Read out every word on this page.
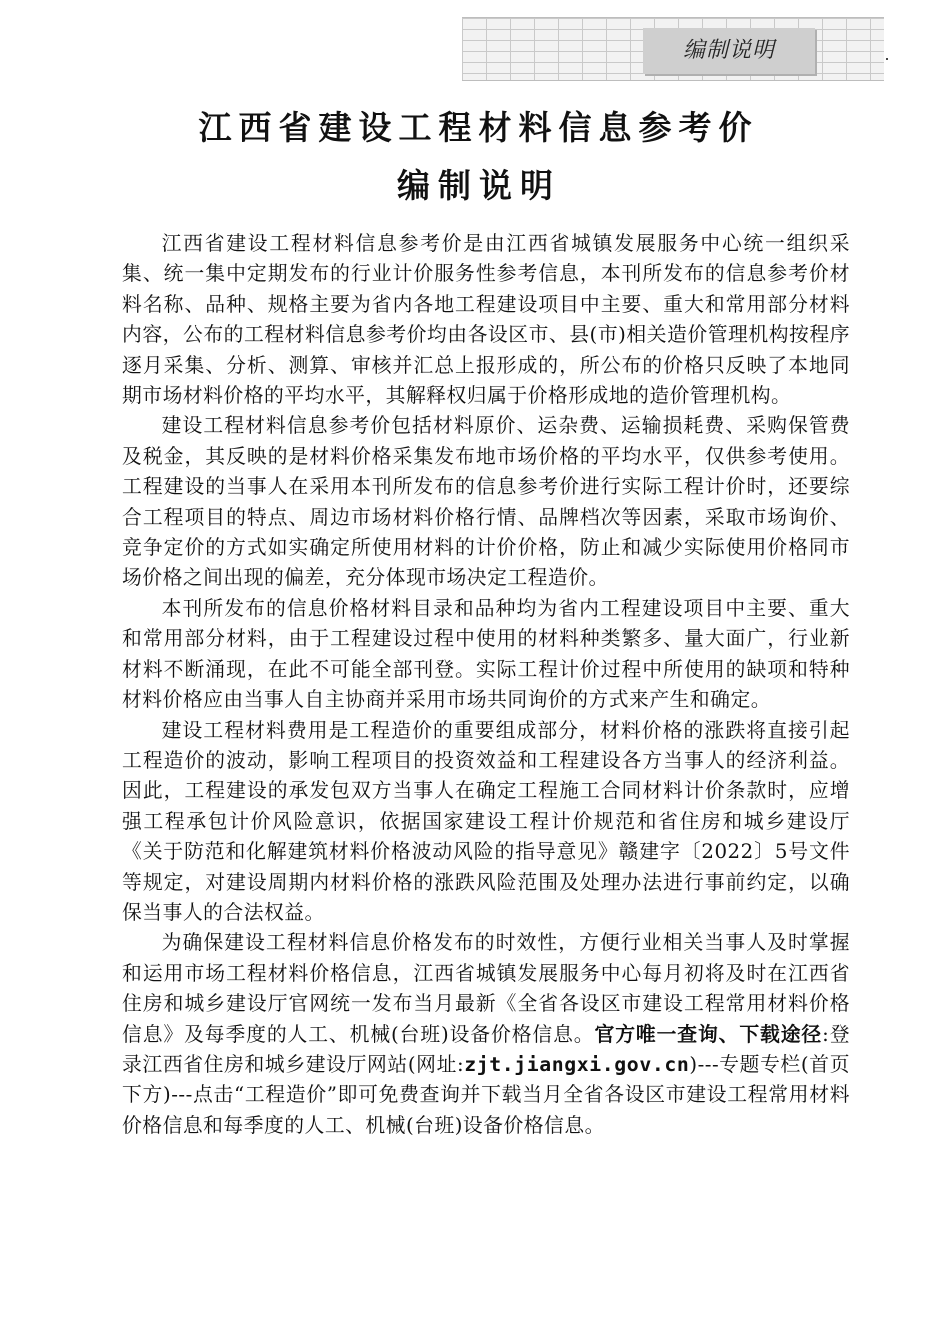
编制说明
江西省建设工程材料信息参考价
编制说明

江西省建设工程材料信息参考价是由江西省城镇发展服务中心统一组织采集、统一集中定期发布的行业计价服务性参考信息，本刊所发布的信息参考价材料名称、品种、规格主要为省内各地工程建设项目中主要、重大和常用部分材料内容，公布的工程材料信息参考价均由各设区市、县(市)相关造价管理机构按程序逐月采集、分析、测算、审核并汇总上报形成的，所公布的价格只反映了本地同期市场材料价格的平均水平，其解释权归属于价格形成地的造价管理机构。

建设工程材料信息参考价包括材料原价、运杂费、运输损耗费、采购保管费及税金，其反映的是材料价格采集发布地市场价格的平均水平，仅供参考使用。工程建设的当事人在采用本刊所发布的信息参考价进行实际工程计价时，还要综合工程项目的特点、周边市场材料价格行情、品牌档次等因素，采取市场询价、竞争定价的方式如实确定所使用材料的计价价格，防止和减少实际使用价格同市场价格之间出现的偏差，充分体现市场决定工程造价。

本刊所发布的信息价格材料目录和品种均为省内工程建设项目中主要、重大和常用部分材料，由于工程建设过程中使用的材料种类繁多、量大面广，行业新材料不断涌现，在此不可能全部刊登。实际工程计价过程中所使用的缺项和特种材料价格应由当事人自主协商并采用市场共同询价的方式来产生和确定。

建设工程材料费用是工程造价的重要组成部分，材料价格的涨跌将直接引起工程造价的波动，影响工程项目的投资效益和工程建设各方当事人的经济利益。因此，工程建设的承发包双方当事人在确定工程施工合同材料计价条款时，应增强工程承包计价风险意识，依据国家建设工程计价规范和省住房和城乡建设厅《关于防范和化解建筑材料价格波动风险的指导意见》赣建字〔2022〕5号文件等规定，对建设周期内材料价格的涨跌风险范围及处理办法进行事前约定，以确保当事人的合法权益。

为确保建设工程材料信息价格发布的时效性，方便行业相关当事人及时掌握和运用市场工程材料价格信息，江西省城镇发展服务中心每月初将及时在江西省住房和城乡建设厅官网统一发布当月最新《全省各设区市建设工程常用材料价格信息》及每季度的人工、机械(台班)设备价格信息。官方唯一查询、下载途径:登录江西省住房和城乡建设厅网站(网址:zjt.jiangxi.gov.cn)---专题专栏(首页下方)---点击“工程造价”即可免费查询并下载当月全省各设区市建设工程常用材料价格信息和每季度的人工、机械(台班)设备价格信息。
